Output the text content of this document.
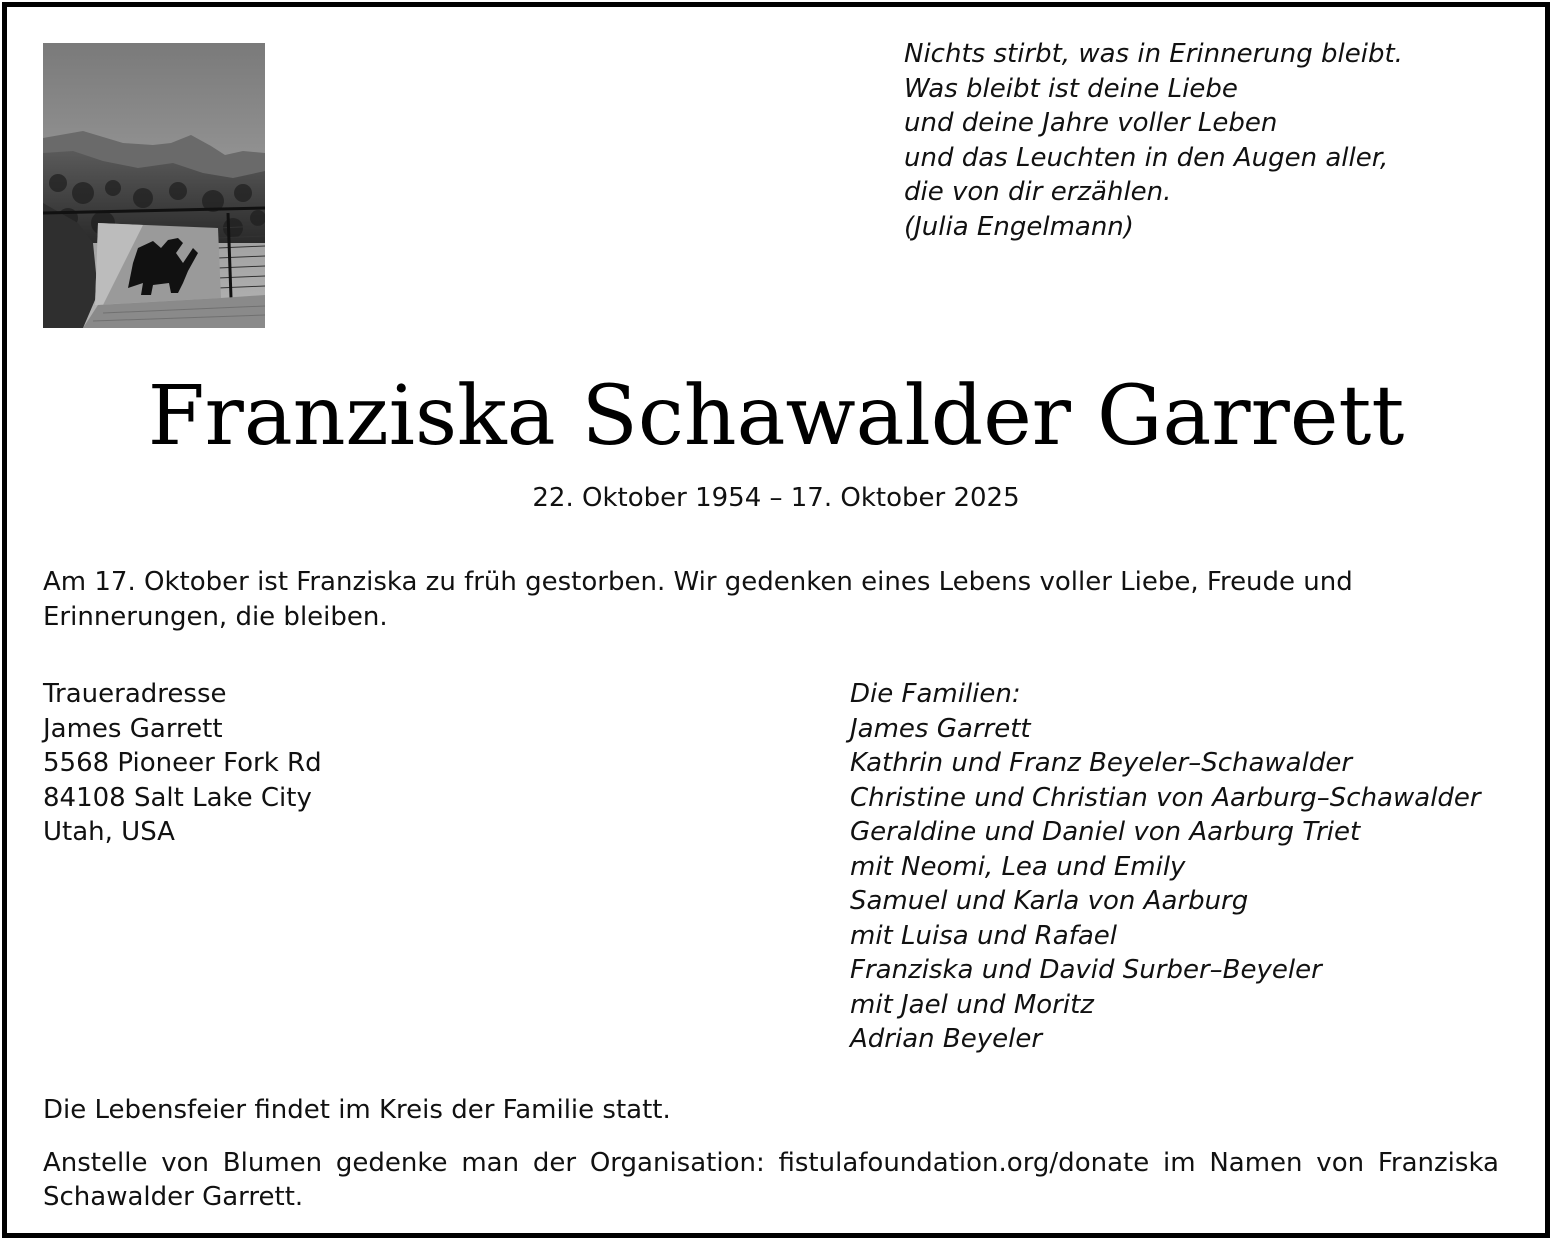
Nichts stirbt, was in Erinnerung bleibt.
Was bleibt ist deine Liebe
und deine Jahre voller Leben
und das Leuchten in den Augen aller,
die von dir erzählen.
(Julia Engelmann)
Franziska Schawalder Garrett
22. Oktober 1954 – 17. Oktober 2025
Am 17. Oktober ist Franziska zu früh gestorben. Wir gedenken eines Lebens voller Liebe, Freude und Erinnerungen, die bleiben.
Traueradresse
James Garrett
5568 Pioneer Fork Rd
84108 Salt Lake City
Utah, USA
Die Familien:
James Garrett
Kathrin und Franz Beyeler–Schawalder
Christine und Christian von Aarburg–Schawalder
Geraldine und Daniel von Aarburg Triet
mit Neomi, Lea und Emily
Samuel und Karla von Aarburg
mit Luisa und Rafael
Franziska und David Surber–Beyeler
mit Jael und Moritz
Adrian Beyeler
Die Lebensfeier findet im Kreis der Familie statt.
Anstelle von Blumen gedenke man der Organisation: fistulafoundation.org/donate im Namen von Franziska Schawalder Garrett.
